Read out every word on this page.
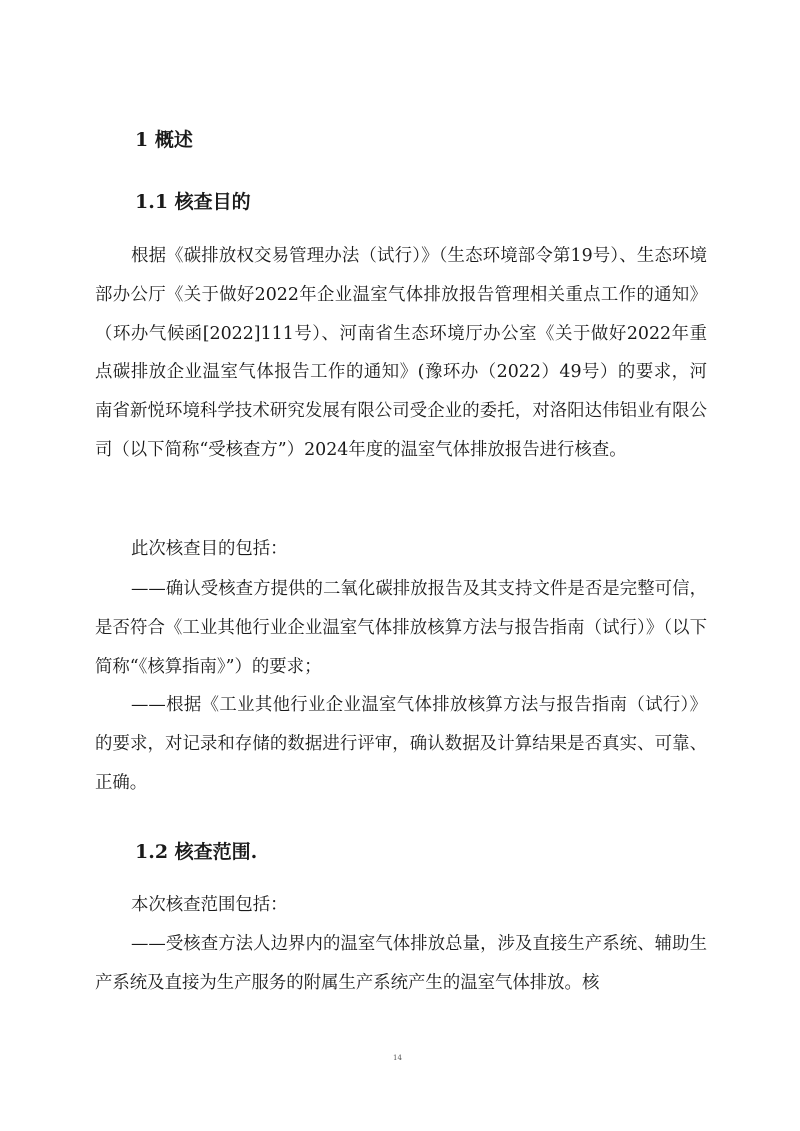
1 概述
1.1 核查目的

根据《碳排放权交易管理办法（试行）》（生态环境部令第19号）、生态环境部办公厅《关于做好2022年企业温室气体排放报告管理相关重点工作的通知》（环办气候函[2022]111号）、河南省生态环境厅办公室《关于做好2022年重点碳排放企业温室气体报告工作的通知》(豫环办（2022）49号）的要求，河南省新悦环境科学技术研究发展有限公司受企业的委托，对洛阳达伟铝业有限公司（以下简称“受核查方”）2024年度的温室气体排放报告进行核查。

此次核查目的包括：

——确认受核查方提供的二氧化碳排放报告及其支持文件是否是完整可信，是否符合《工业其他行业企业温室气体排放核算方法与报告指南（试行）》（以下简称“《核算指南》”）的要求；

——根据《工业其他行业企业温室气体排放核算方法与报告指南（试行）》的要求，对记录和存储的数据进行评审，确认数据及计算结果是否真实、可靠、正确。

1.2 核查范围.

本次核查范围包括：

——受核查方法人边界内的温室气体排放总量，涉及直接生产系统、辅助生产系统及直接为生产服务的附属生产系统产生的温室气体排放。核

14
